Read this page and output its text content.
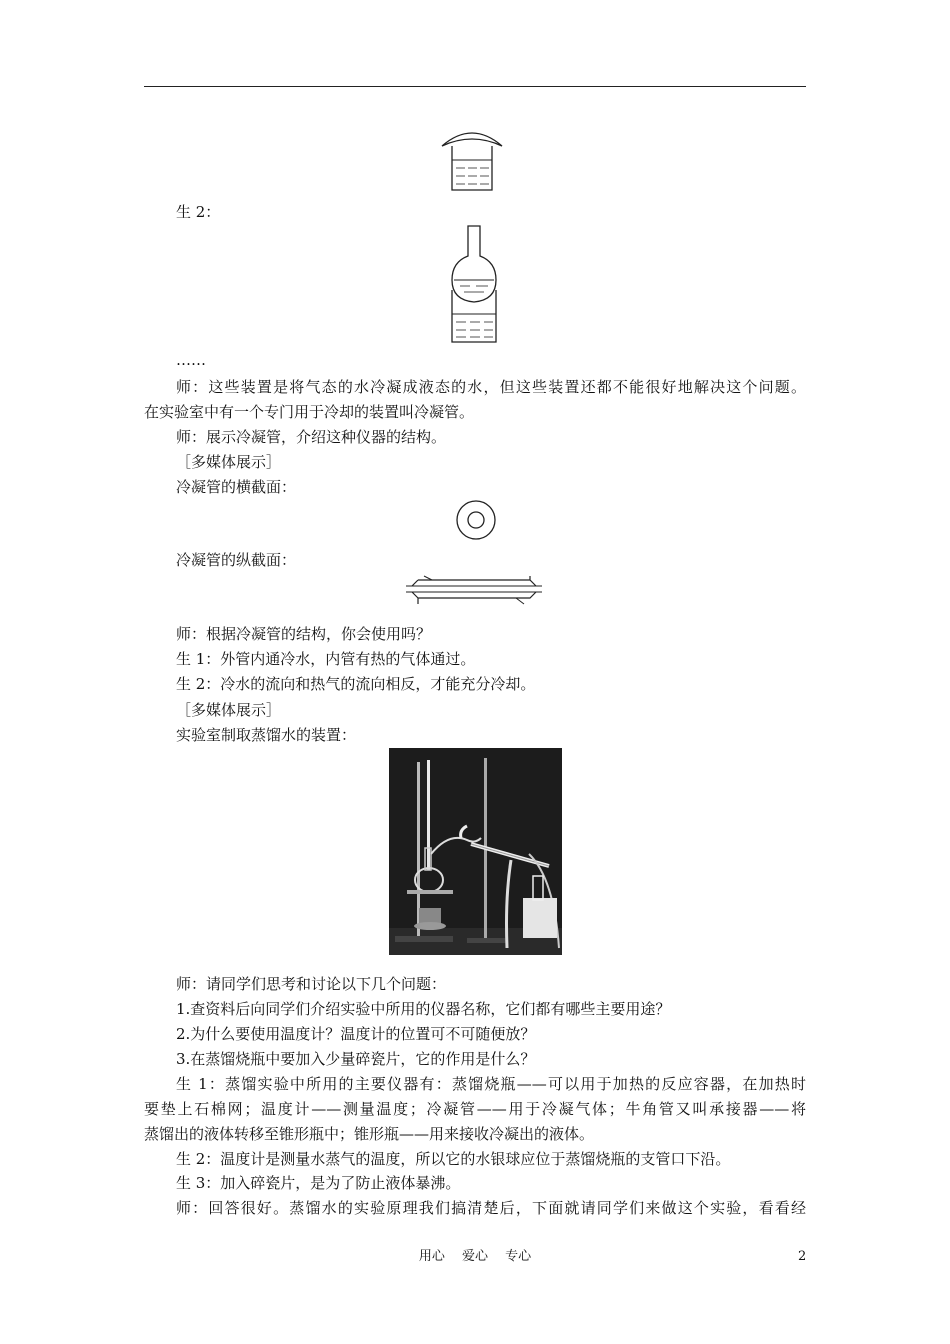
生 2：
……
师：这些装置是将气态的水冷凝成液态的水，但这些装置还都不能很好地解决这个问题。
在实验室中有一个专门用于冷却的装置叫冷凝管。
师：展示冷凝管，介绍这种仪器的结构。
［多媒体展示］
冷凝管的横截面：
冷凝管的纵截面：
师：根据冷凝管的结构，你会使用吗？
生 1：外管内通冷水，内管有热的气体通过。
生 2：冷水的流向和热气的流向相反，才能充分冷却。
［多媒体展示］
实验室制取蒸馏水的装置：
师：请同学们思考和讨论以下几个问题：
1.查资料后向同学们介绍实验中所用的仪器名称，它们都有哪些主要用途？
2.为什么要使用温度计？温度计的位置可不可随便放？
3.在蒸馏烧瓶中要加入少量碎瓷片，它的作用是什么？
生 1：蒸馏实验中所用的主要仪器有：蒸馏烧瓶——可以用于加热的反应容器，在加热时
要垫上石棉网；温度计——测量温度；冷凝管——用于冷凝气体；牛角管又叫承接器——将
蒸馏出的液体转移至锥形瓶中；锥形瓶——用来接收冷凝出的液体。
生 2：温度计是测量水蒸气的温度，所以它的水银球应位于蒸馏烧瓶的支管口下沿。
生 3：加入碎瓷片，是为了防止液体暴沸。
师：回答很好。蒸馏水的实验原理我们搞清楚后，下面就请同学们来做这个实验，看看经
用心　 爱心　 专心	2
